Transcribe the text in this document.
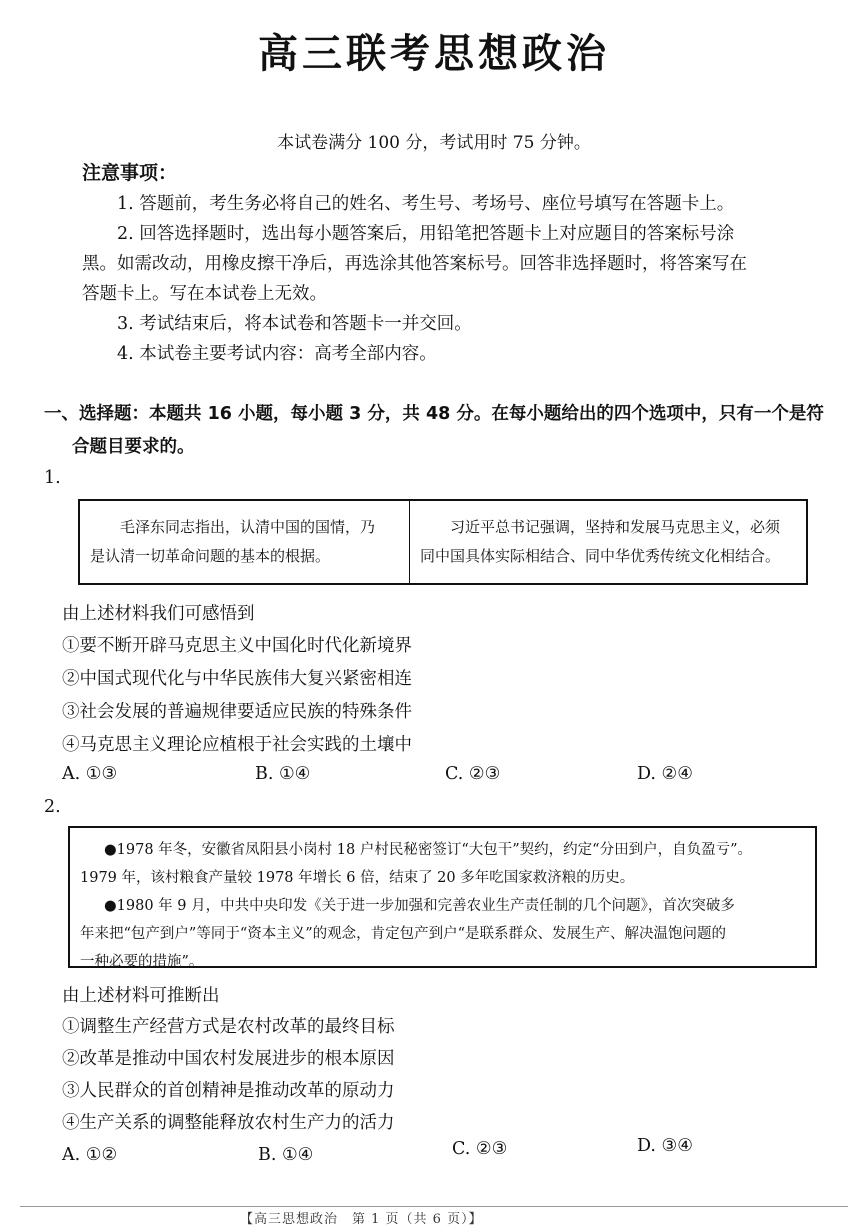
高三联考思想政治
本试卷满分 100 分，考试用时 75 分钟。
注意事项：
1. 答题前，考生务必将自己的姓名、考生号、考场号、座位号填写在答题卡上。
2. 回答选择题时，选出每小题答案后，用铅笔把答题卡上对应题目的答案标号涂
黑。如需改动，用橡皮擦干净后，再选涂其他答案标号。回答非选择题时，将答案写在
答题卡上。写在本试卷上无效。
3. 考试结束后，将本试卷和答题卡一并交回。
4. 本试卷主要考试内容：高考全部内容。
一、选择题：本题共 16 小题，每小题 3 分，共 48 分。在每小题给出的四个选项中，只有一个是符
合题目要求的。
1.
毛泽东同志指出，认清中国的国情，乃
是认清一切革命问题的基本的根据。
习近平总书记强调，坚持和发展马克思主义，必须
同中国具体实际相结合、同中华优秀传统文化相结合。
由上述材料我们可感悟到
①要不断开辟马克思主义中国化时代化新境界
②中国式现代化与中华民族伟大复兴紧密相连
③社会发展的普遍规律要适应民族的特殊条件
④马克思主义理论应植根于社会实践的土壤中
A. ①③	B. ①④	C. ②③	D. ②④
2.
●1978 年冬，安徽省凤阳县小岗村 18 户村民秘密签订“大包干”契约，约定“分田到户，自负盈亏”。
1979 年，该村粮食产量较 1978 年增长 6 倍，结束了 20 多年吃国家救济粮的历史。
●1980 年 9 月，中共中央印发《关于进一步加强和完善农业生产责任制的几个问题》，首次突破多
年来把“包产到户”等同于“资本主义”的观念，肯定包产到户“是联系群众、发展生产、解决温饱问题的
一种必要的措施”。
由上述材料可推断出
①调整生产经营方式是农村改革的最终目标
②改革是推动中国农村发展进步的根本原因
③人民群众的首创精神是推动改革的原动力
④生产关系的调整能释放农村生产力的活力
A. ①②	B. ①④	C. ②③	D. ③④
【高三思想政治　第 1 页（共 6 页）】
